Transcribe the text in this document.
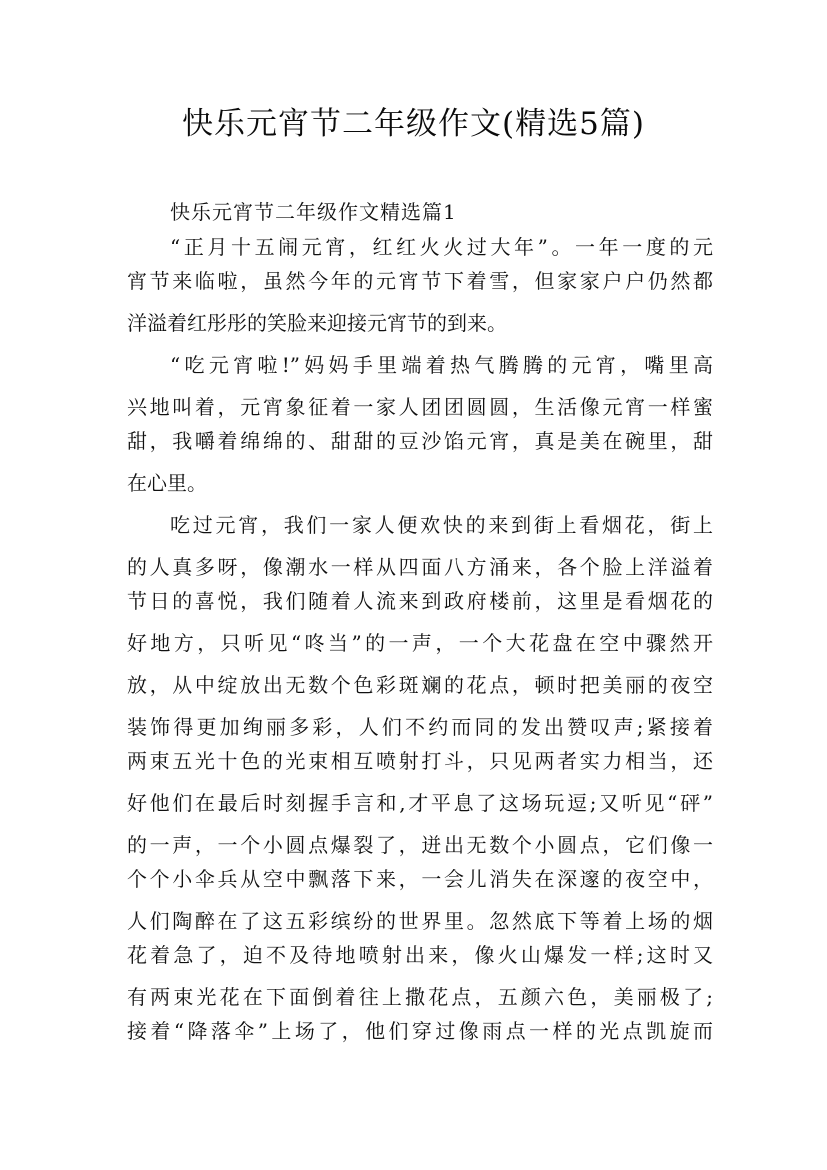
快乐元宵节二年级作文(精选5篇)
快乐元宵节二年级作文精选篇1
“正月十五闹元宵，红红火火过大年”。一年一度的元
宵节来临啦，虽然今年的元宵节下着雪，但家家户户仍然都
洋溢着红彤彤的笑脸来迎接元宵节的到来。
“吃元宵啦!”妈妈手里端着热气腾腾的元宵，嘴里高
兴地叫着，元宵象征着一家人团团圆圆，生活像元宵一样蜜
甜，我嚼着绵绵的、甜甜的豆沙馅元宵，真是美在碗里，甜
在心里。
吃过元宵，我们一家人便欢快的来到街上看烟花，街上
的人真多呀，像潮水一样从四面八方涌来，各个脸上洋溢着
节日的喜悦，我们随着人流来到政府楼前，这里是看烟花的
好地方，只听见“咚当”的一声，一个大花盘在空中骤然开
放，从中绽放出无数个色彩斑斓的花点，顿时把美丽的夜空
装饰得更加绚丽多彩，人们不约而同的发出赞叹声;紧接着
两束五光十色的光束相互喷射打斗，只见两者实力相当，还
好他们在最后时刻握手言和,才平息了这场玩逗;又听见“砰”
的一声，一个小圆点爆裂了，迸出无数个小圆点，它们像一
个个小伞兵从空中飘落下来，一会儿消失在深邃的夜空中，
人们陶醉在了这五彩缤纷的世界里。忽然底下等着上场的烟
花着急了，迫不及待地喷射出来，像火山爆发一样;这时又
有两束光花在下面倒着往上撒花点，五颜六色，美丽极了;
接着“降落伞”上场了，他们穿过像雨点一样的光点凯旋而
